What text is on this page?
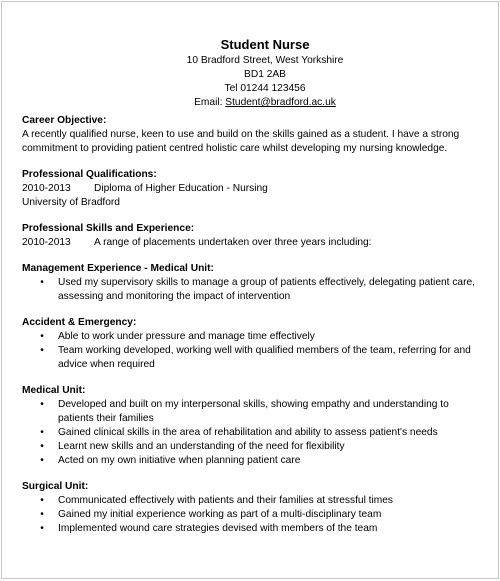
Student Nurse
10 Bradford Street, West Yorkshire
BD1 2AB
Tel 01244 123456
Email: Student@bradford.ac.uk
Career Objective:
A recently qualified nurse, keen to use and build on the skills gained as a student. I have a strong commitment to providing patient centred holistic care whilst developing my nursing knowledge.
Professional Qualifications:
2010-2013	Diploma of Higher Education - Nursing
University of Bradford
Professional Skills and Experience:
2010-2013	A range of placements undertaken over three years including:
Management Experience - Medical Unit:
• Used my supervisory skills to manage a group of patients effectively, delegating patient care, assessing and monitoring the impact of intervention
Accident & Emergency:
• Able to work under pressure and manage time effectively
• Team working developed, working well with qualified members of the team, referring for and advice when required
Medical Unit:
• Developed and built on my interpersonal skills, showing empathy and understanding to patients their families
• Gained clinical skills in the area of rehabilitation and ability to assess patient's needs
• Learnt new skills and an understanding of the need for flexibility
• Acted on my own initiative when planning patient care
Surgical Unit:
• Communicated effectively with patients and their families at stressful times
• Gained my initial experience working as part of a multi-disciplinary team
• Implemented wound care strategies devised with members of the team
